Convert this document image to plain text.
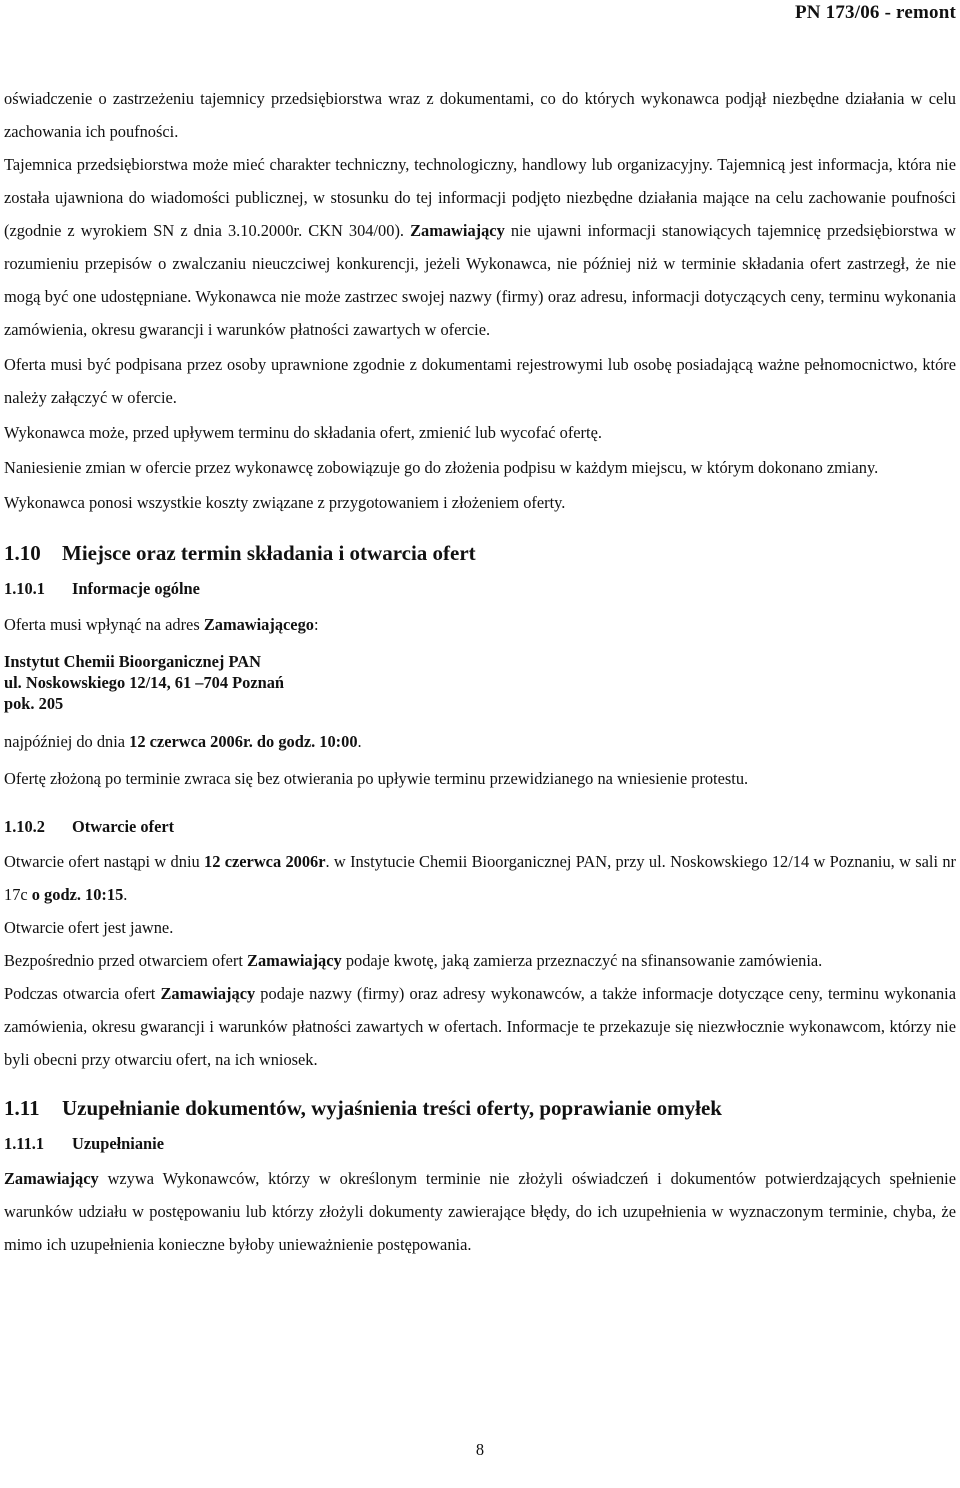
PN 173/06 - remont

oświadczenie o zastrzeżeniu tajemnicy przedsiębiorstwa wraz z dokumentami, co do których wykonawca podjął niezbędne działania w celu zachowania ich poufności.

Tajemnica przedsiębiorstwa może mieć charakter techniczny, technologiczny, handlowy lub organizacyjny. Tajemnicą jest informacja, która nie została ujawniona do wiadomości publicznej, w stosunku do tej informacji podjęto niezbędne działania mające na celu zachowanie poufności (zgodnie z wyrokiem SN z dnia 3.10.2000r. CKN 304/00). Zamawiający nie ujawni informacji stanowiących tajemnicę przedsiębiorstwa w rozumieniu przepisów o zwalczaniu nieuczciwej konkurencji, jeżeli Wykonawca, nie później niż w terminie składania ofert zastrzegł, że nie mogą być one udostępniane. Wykonawca nie może zastrzec swojej nazwy (firmy) oraz adresu, informacji dotyczących ceny, terminu wykonania zamówienia, okresu gwarancji i warunków płatności zawartych w ofercie.

Oferta musi być podpisana przez osoby uprawnione zgodnie z dokumentami rejestrowymi lub osobę posiadającą ważne pełnomocnictwo, które należy załączyć w ofercie.

Wykonawca może, przed upływem terminu do składania ofert, zmienić lub wycofać ofertę.

Naniesienie zmian w ofercie przez wykonawcę zobowiązuje go do złożenia podpisu w każdym miejscu, w którym dokonano zmiany.

Wykonawca ponosi wszystkie koszty związane z przygotowaniem i złożeniem oferty.

1.10 Miejsce oraz termin składania i otwarcia ofert
1.10.1 Informacje ogólne

Oferta musi wpłynąć na adres Zamawiającego:

Instytut Chemii Bioorganicznej PAN
ul. Noskowskiego 12/14, 61 –704 Poznań
pok. 205

najpóźniej do dnia 12 czerwca 2006r. do godz. 10:00.

Ofertę złożoną po terminie zwraca się bez otwierania po upływie terminu przewidzianego na wniesienie protestu.

1.10.2 Otwarcie ofert

Otwarcie ofert nastąpi w dniu 12 czerwca 2006r. w Instytucie Chemii Bioorganicznej PAN, przy ul. Noskowskiego 12/14 w Poznaniu, w sali nr 17c o godz. 10:15.

Otwarcie ofert jest jawne.

Bezpośrednio przed otwarciem ofert Zamawiający podaje kwotę, jaką zamierza przeznaczyć na sfinansowanie zamówienia.

Podczas otwarcia ofert Zamawiający podaje nazwy (firmy) oraz adresy wykonawców, a także informacje dotyczące ceny, terminu wykonania zamówienia, okresu gwarancji i warunków płatności zawartych w ofertach. Informacje te przekazuje się niezwłocznie wykonawcom, którzy nie byli obecni przy otwarciu ofert, na ich wniosek.

1.11 Uzupełnianie dokumentów, wyjaśnienia treści oferty, poprawianie omyłek
1.11.1 Uzupełnianie

Zamawiający wzywa Wykonawców, którzy w określonym terminie nie złożyli oświadczeń i dokumentów potwierdzających spełnienie warunków udziału w postępowaniu lub którzy złożyli dokumenty zawierające błędy, do ich uzupełnienia w wyznaczonym terminie, chyba, że mimo ich uzupełnienia konieczne byłoby unieważnienie postępowania.

8
